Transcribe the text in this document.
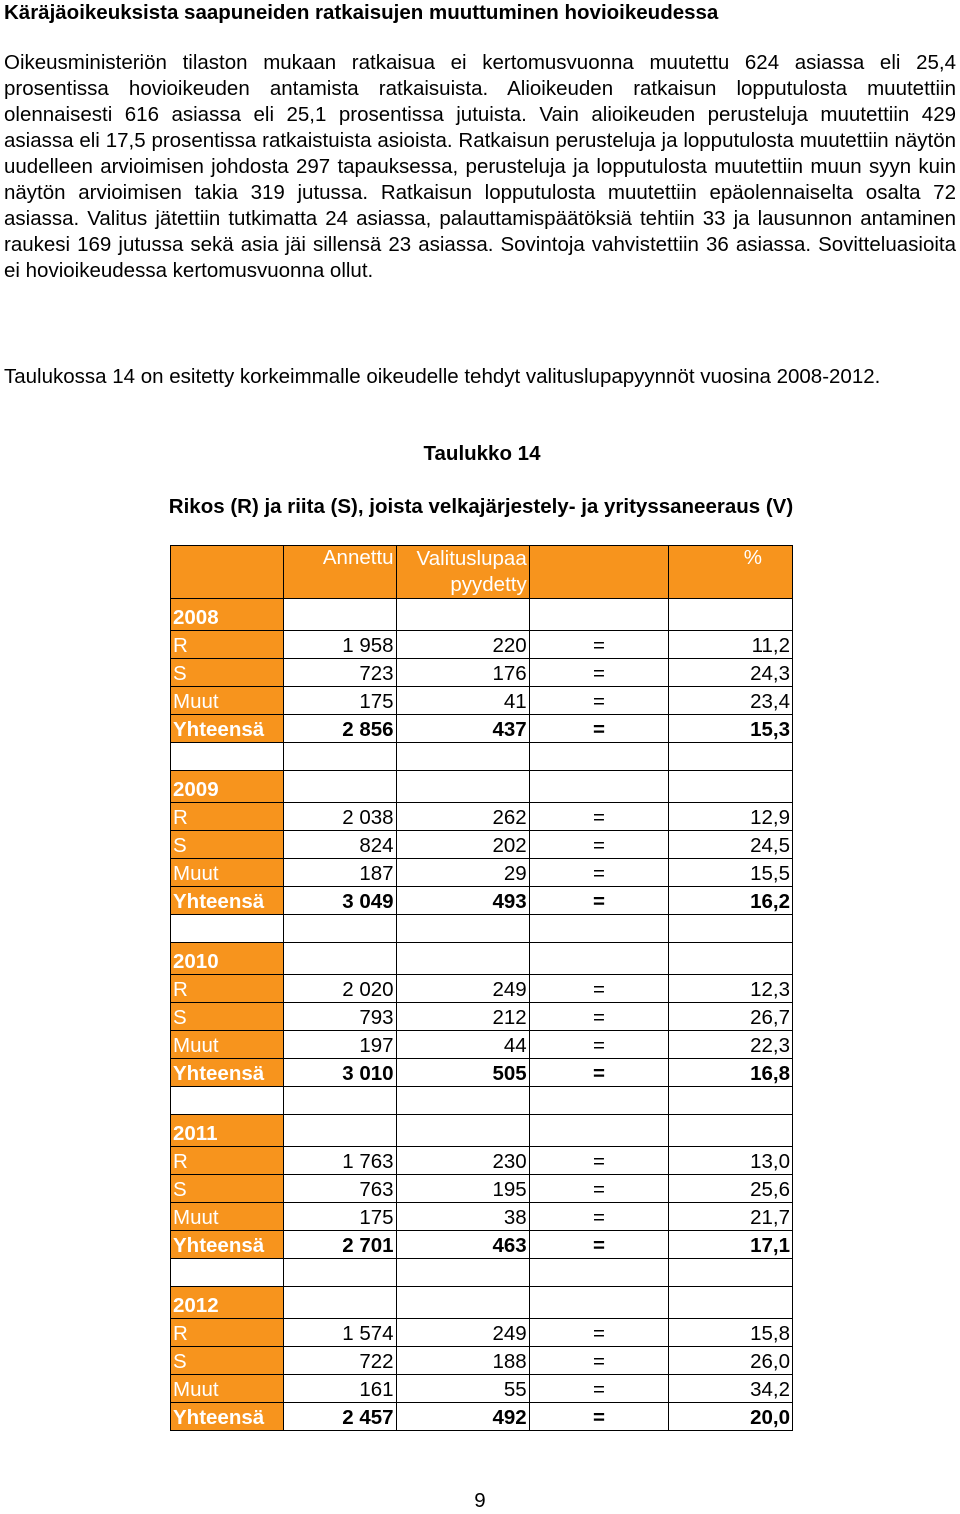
Käräjäoikeuksista saapuneiden ratkaisujen muuttuminen hovioikeudessa

Oikeusministeriön tilaston mukaan ratkaisua ei kertomusvuonna muutettu 624 asiassa eli 25,4 prosentissa hovioikeuden antamista ratkaisuista. Alioikeuden ratkaisun lopputulosta muutettiin olennaisesti 616 asiassa eli 25,1 prosentissa jutuista. Vain alioikeuden perusteluja muutettiin 429 asiassa eli 17,5 prosentissa ratkaistuista asioista. Ratkaisun perusteluja ja lopputulosta muutettiin näytön uudelleen arvioimisen johdosta 297 tapauksessa, perusteluja ja lopputulosta muutettiin muun syyn kuin näytön arvioimisen takia 319 jutussa. Ratkaisun lopputulosta muutettiin epäolennaiselta osalta 72 asiassa. Valitus jätettiin tutkimatta 24 asiassa, palauttamispäätöksiä tehtiin 33 ja lausunnon antaminen raukesi 169 jutussa sekä asia jäi sillensä 23 asiassa. Sovintoja vahvistettiin 36 asiassa. Sovitteluasioita ei hovioikeudessa kertomusvuonna ollut.

Taulukossa 14 on esitetty korkeimmalle oikeudelle tehdyt valituslupapyynnöt vuosina 2008-2012.

Taulukko 14
Rikos (R) ja riita (S), joista velkajärjestely- ja yrityssaneeraus (V)
	Annettu	Valituslupaa pyydetty		%
2008				
R	1 958	220	=	11,2
S	723	176	=	24,3
Muut	175	41	=	23,4
Yhteensä	2 856	437	=	15,3

2009				
R	2 038	262	=	12,9
S	824	202	=	24,5
Muut	187	29	=	15,5
Yhteensä	3 049	493	=	16,2

2010				
R	2 020	249	=	12,3
S	793	212	=	26,7
Muut	197	44	=	22,3
Yhteensä	3 010	505	=	16,8

2011				
R	1 763	230	=	13,0
S	763	195	=	25,6
Muut	175	38	=	21,7
Yhteensä	2 701	463	=	17,1

2012				
R	1 574	249	=	15,8
S	722	188	=	26,0
Muut	161	55	=	34,2
Yhteensä	2 457	492	=	20,0
9
